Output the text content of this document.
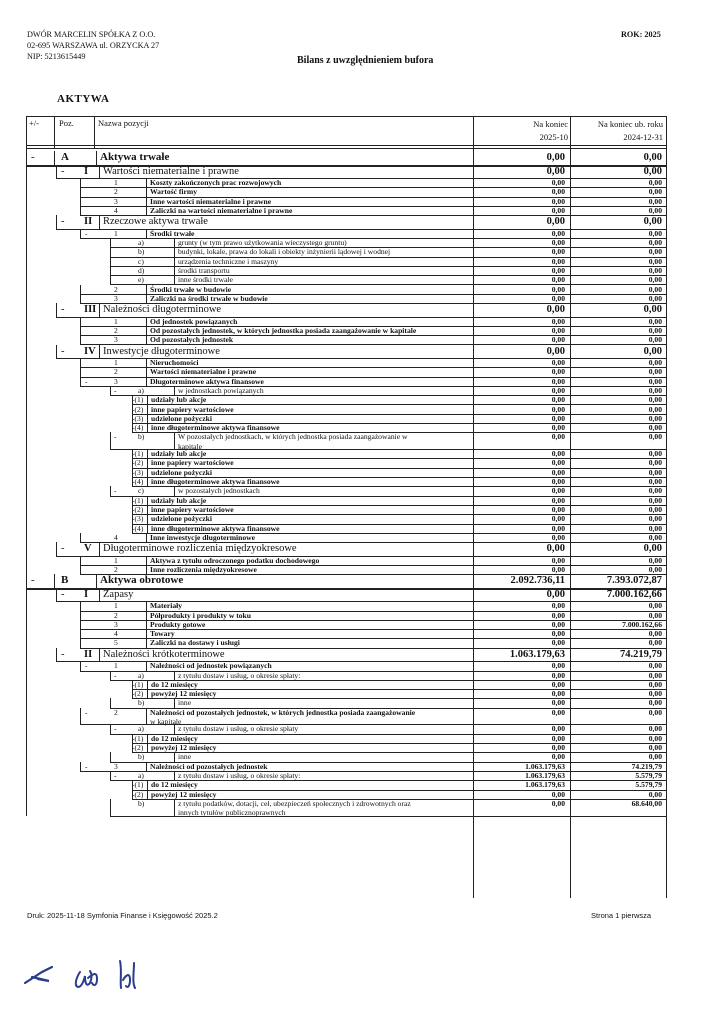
DWÓR MARCELIN SPÓŁKA Z O.O.
02-695 WARSZAWA ul. ORZYCKA 27
NIP: 5213615449
ROK: 2025
Bilans z uwzględnieniem bufora
AKTYWA
+/- Poz.	Nazwa pozycji	Na koniec
2025-10
Na koniec ub. roku
2024-12-31
- A	Aktywa trwałe	0,00	0,00
- I Wartości niematerialne i prawne	0,00	0,00
1	Koszty zakończonych prac rozwojowych	0,00	0,00
2	Wartość firmy	0,00	0,00
3	Inne wartości niematerialne i prawne	0,00	0,00
4	Zaliczki na wartości niematerialne i prawne	0,00	0,00
- II Rzeczowe aktywa trwałe	0,00	0,00
-	1	Środki trwałe	0,00	0,00
a)	grunty (w tym prawo użytkowania wieczystego gruntu)	0,00	0,00
b)	budynki, lokale, prawa do lokali i obiekty inżynierii lądowej i wodnej	0,00	0,00
c)	urządzenia techniczne i maszyny	0,00	0,00
d)	środki transportu	0,00	0,00
e)	inne środki trwałe	0,00	0,00
2	Środki trwałe w budowie	0,00	0,00
3	Zaliczki na środki trwałe w budowie	0,00	0,00
- III Należności długoterminowe	0,00	0,00
1	Od jednostek powiązanych	0,00	0,00
2	Od pozostałych jednostek, w których jednostka posiada zaangażowanie w kapitale	0,00	0,00
3	Od pozostałych jednostek	0,00	0,00
- IV Inwestycje długoterminowe	0,00	0,00
1	Nieruchomości	0,00	0,00
2	Wartości niematerialne i prawne	0,00	0,00
-	3	Długoterminowe aktywa finansowe	0,00	0,00
-	a)	w jednostkach powiązanych	0,00	0,00
-(1) udziały lub akcje	0,00	0,00
-(2) inne papiery wartościowe	0,00	0,00
-(3) udzielone pożyczki	0,00	0,00
-(4) inne długoterminowe aktywa finansowe	0,00	0,00
-	b)	W pozostałych jednostkach, w których jednostka posiada zaangażowanie w
kapitale
0,00	0,00
-(1) udziały lub akcje	0,00	0,00
-(2) inne papiery wartościowe	0,00	0,00
-(3) udzielone pożyczki	0,00	0,00
-(4) inne długoterminowe aktywa finansowe	0,00	0,00
-	c)	w pozostałych jednostkach	0,00	0,00
-(1) udziały lub akcje	0,00	0,00
-(2) inne papiery wartościowe	0,00	0,00
-(3) udzielone pożyczki	0,00	0,00
-(4) inne długoterminowe aktywa finansowe	0,00	0,00
4	Inne inwestycje długoterminowe	0,00	0,00
- V Długoterminowe rozliczenia międzyokresowe	0,00	0,00
1	Aktywa z tytułu odroczonego podatku dochodowego	0,00	0,00
2	Inne rozliczenia międzyokresowe	0,00	0,00
- B	Aktywa obrotowe	2.092.736,11	7.393.072,87
- I Zapasy	0,00	7.000.162,66
1	Materiały	0,00	0,00
2	Półprodukty i produkty w toku	0,00	0,00
3	Produkty gotowe	0,00	7.000.162,66
4	Towary	0,00	0,00
5	Zaliczki na dostawy i usługi	0,00	0,00
- II Należności krótkoterminowe	1.063.179,63	74.219,79
-	1	Należności od jednostek powiązanych	0,00	0,00
-	a)	z tytułu dostaw i usług, o okresie spłaty:	0,00	0,00
-(1) do 12 miesięcy	0,00	0,00
-(2) powyżej 12 miesięcy	0,00	0,00
b)	inne	0,00	0,00
-	2	Należności od pozostałych jednostek, w których jednostka posiada zaangażowanie
w kapitale
0,00	0,00
-	a)	z tytułu dostaw i usług, o okresie spłaty	0,00	0,00
-(1) do 12 miesięcy	0,00	0,00
-(2) powyżej 12 miesięcy	0,00	0,00
b)	inne	0,00	0,00
-	3	Należności od pozostałych jednostek	1.063.179,63	74.219,79
-	a)	z tytułu dostaw i usług, o okresie spłaty:	1.063.179,63	5.579,79
-(1) do 12 miesięcy	1.063.179,63	5.579,79
-(2) powyżej 12 miesięcy	0,00	0,00
b)	z tytułu podatków, dotacji, ceł, ubezpieczeń społecznych i zdrowotnych oraz
innych tytułów publicznoprawnych
0,00	68.640,00
Druk: 2025-11-18 Symfonia Finanse i Księgowość 2025.2	Strona 1 pierwsza
